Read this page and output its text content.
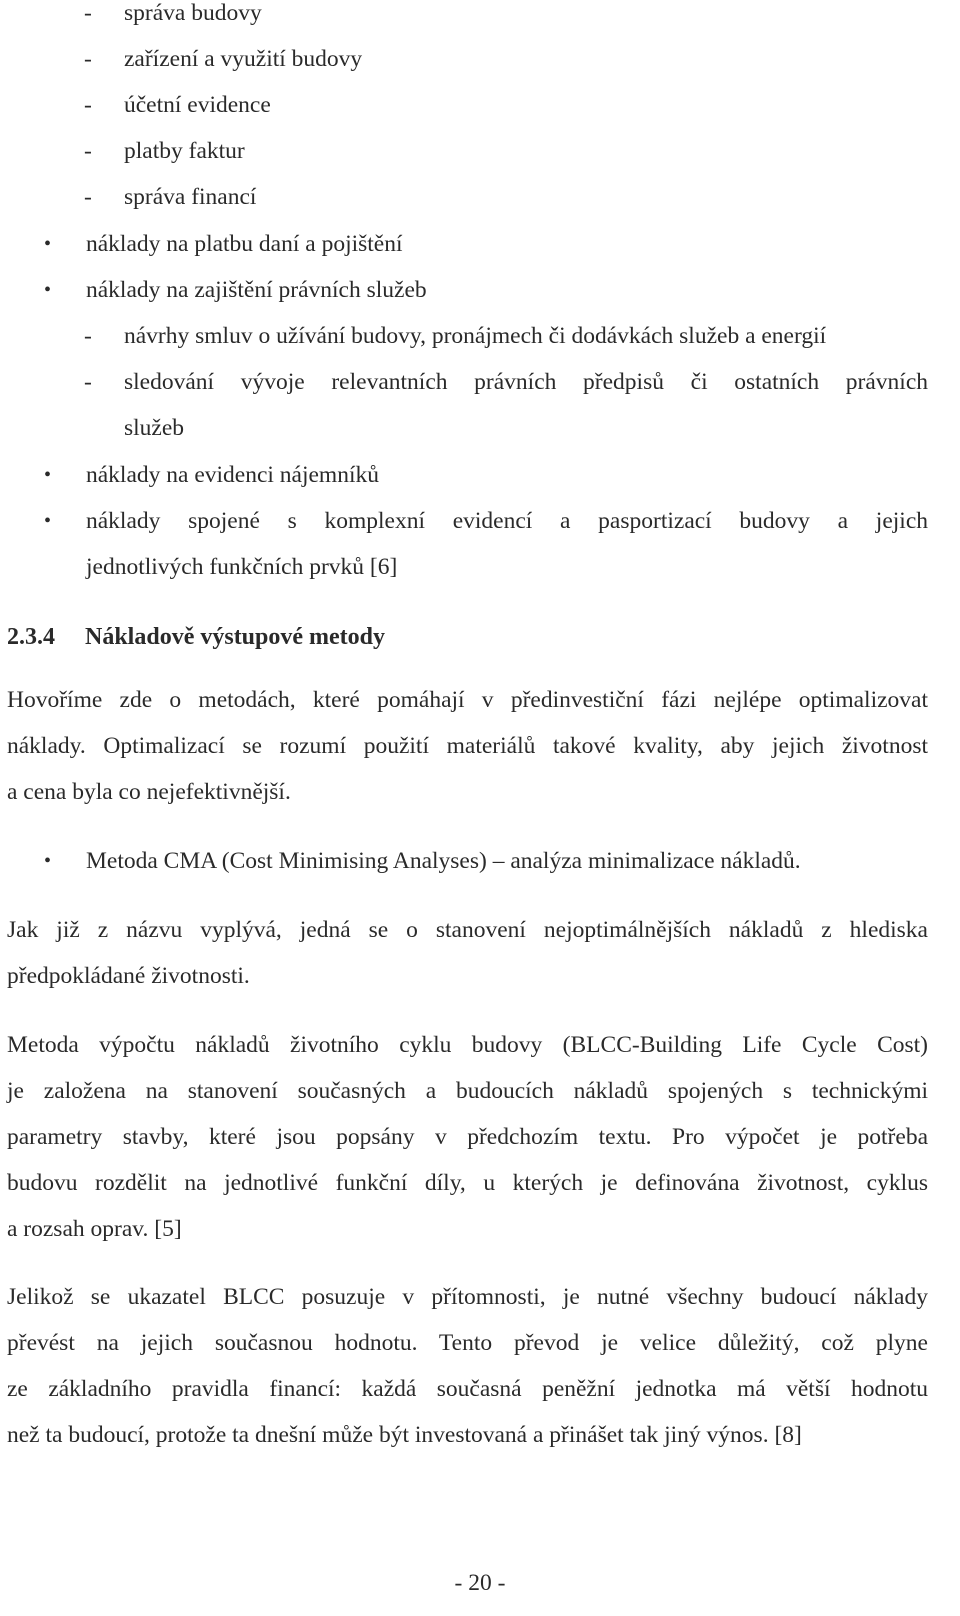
- správa budovy
- zařízení a využití budovy
- účetní evidence
- platby faktur
- správa financí
• náklady na platbu daní a pojištění
• náklady na zajištění právních služeb
- návrhy smluv o užívání budovy, pronájmech či dodávkách služeb a energií
- sledování vývoje relevantních právních předpisů či ostatních právních
služeb
• náklady na evidenci nájemníků
• náklady spojené s komplexní evidencí a pasportizací budovy a jejich
jednotlivých funkčních prvků [6]
2.3.4 Nákladově výstupové metody
Hovoříme zde o metodách, které pomáhají v předinvestiční fázi nejlépe optimalizovat
náklady. Optimalizací se rozumí použití materiálů takové kvality, aby jejich životnost
a cena byla co nejefektivnější.
• Metoda CMA (Cost Minimising Analyses) – analýza minimalizace nákladů.
Jak již z názvu vyplývá, jedná se o stanovení nejoptimálnějších nákladů z hlediska
předpokládané životnosti.
Metoda výpočtu nákladů životního cyklu budovy (BLCC-Building Life Cycle Cost)
je založena na stanovení současných a budoucích nákladů spojených s technickými
parametry stavby, které jsou popsány v předchozím textu. Pro výpočet je potřeba
budovu rozdělit na jednotlivé funkční díly, u kterých je definována životnost, cyklus
a rozsah oprav. [5]
Jelikož se ukazatel BLCC posuzuje v přítomnosti, je nutné všechny budoucí náklady
převést na jejich současnou hodnotu. Tento převod je velice důležitý, což plyne
ze základního pravidla financí: každá současná peněžní jednotka má větší hodnotu
než ta budoucí, protože ta dnešní může být investovaná a přinášet tak jiný výnos. [8]
- 20 -
